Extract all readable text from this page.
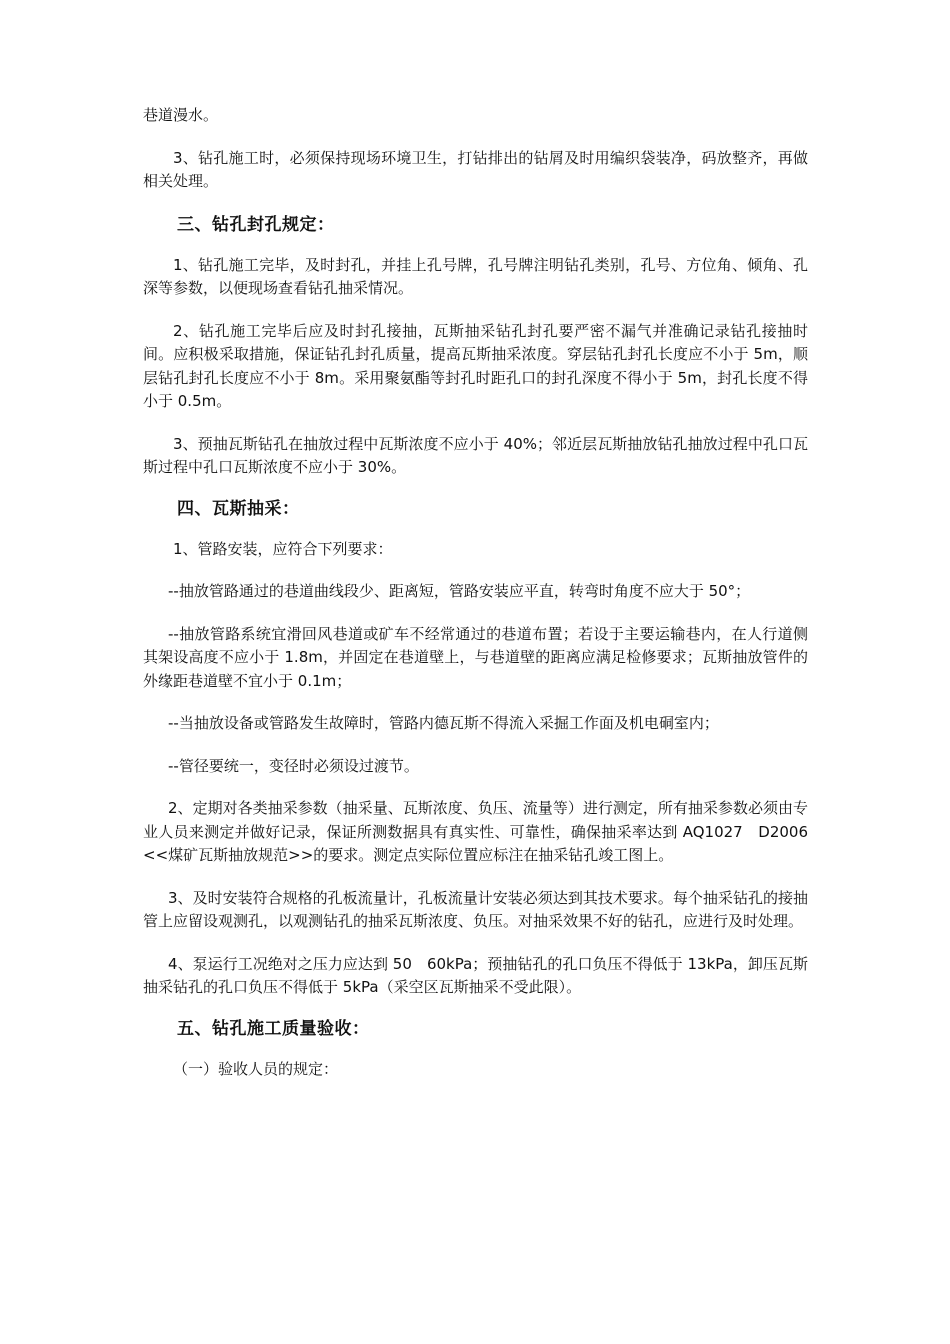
巷道漫水。

3、钻孔施工时，必须保持现场环境卫生，打钻排出的钻屑及时用编织袋装净，码放整齐，再做相关处理。

三、钻孔封孔规定：

1、钻孔施工完毕，及时封孔，并挂上孔号牌，孔号牌注明钻孔类别，孔号、方位角、倾角、孔深等参数，以便现场查看钻孔抽采情况。

2、钻孔施工完毕后应及时封孔接抽，瓦斯抽采钻孔封孔要严密不漏气并准确记录钻孔接抽时间。应积极采取措施，保证钻孔封孔质量，提高瓦斯抽采浓度。穿层钻孔封孔长度应不小于 5m，顺层钻孔封孔长度应不小于 8m。采用聚氨酯等封孔时距孔口的封孔深度不得小于 5m，封孔长度不得小于 0.5m。

3、预抽瓦斯钻孔在抽放过程中瓦斯浓度不应小于 40%；邻近层瓦斯抽放钻孔抽放过程中孔口瓦斯过程中孔口瓦斯浓度不应小于 30%。

四、瓦斯抽采：

1、管路安装，应符合下列要求：

--抽放管路通过的巷道曲线段少、距离短，管路安装应平直，转弯时角度不应大于 50°；

--抽放管路系统宜滑回风巷道或矿车不经常通过的巷道布置；若设于主要运输巷内，在人行道侧其架设高度不应小于 1.8m，并固定在巷道壁上，与巷道壁的距离应满足检修要求；瓦斯抽放管件的外缘距巷道壁不宜小于 0.1m；

--当抽放设备或管路发生故障时，管路内德瓦斯不得流入采掘工作面及机电硐室内；

--管径要统一，变径时必须设过渡节。

2、定期对各类抽采参数（抽采量、瓦斯浓度、负压、流量等）进行测定，所有抽采参数必须由专业人员来测定并做好记录，保证所测数据具有真实性、可靠性，确保抽采率达到 AQ1027　D2006<<煤矿瓦斯抽放规范>>的要求。测定点实际位置应标注在抽采钻孔竣工图上。

3、及时安装符合规格的孔板流量计，孔板流量计安装必须达到其技术要求。每个抽采钻孔的接抽管上应留设观测孔，以观测钻孔的抽采瓦斯浓度、负压。对抽采效果不好的钻孔，应进行及时处理。

4、泵运行工况绝对之压力应达到 50　60kPa；预抽钻孔的孔口负压不得低于 13kPa，卸压瓦斯抽采钻孔的孔口负压不得低于 5kPa（采空区瓦斯抽采不受此限）。

五、钻孔施工质量验收：

（一）验收人员的规定：
